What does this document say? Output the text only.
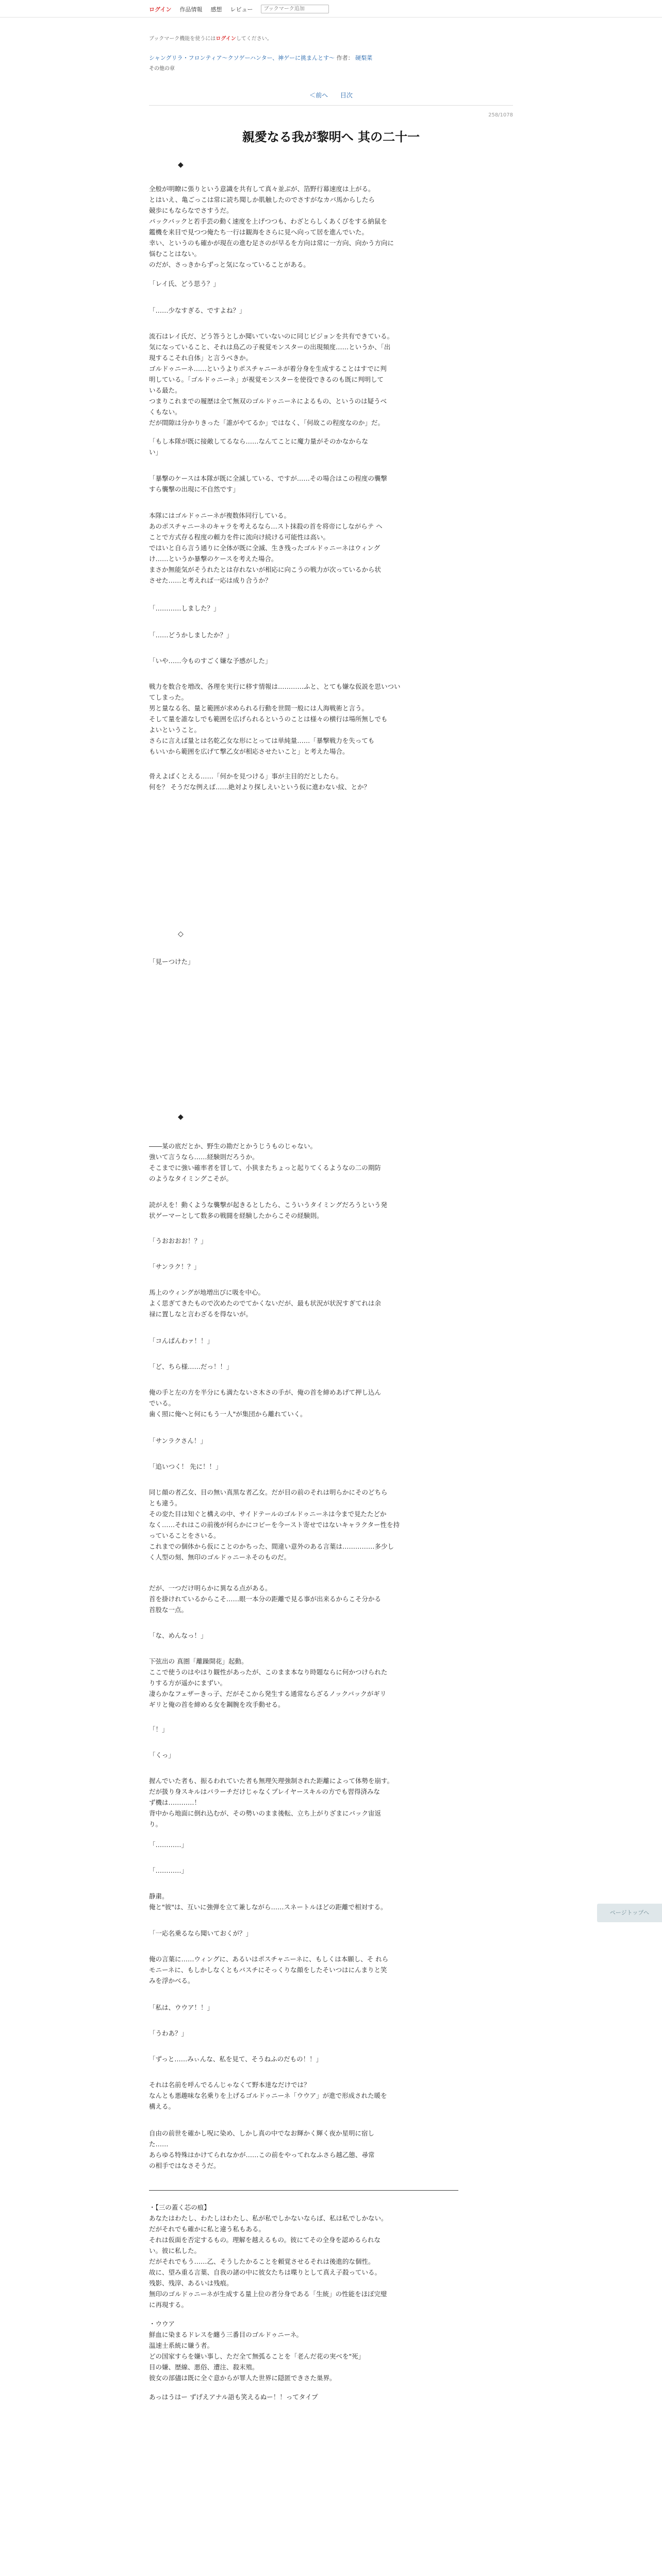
ログイン 作品情報 感想 レビュー
ブックマーク追加
ブックマーク機能を使うにはログインしてください。
シャングリラ・フロンティア〜クソゲーハンター、神ゲーに挑まんとす〜 作者： 硬梨菜
その他の章
＜前へ 目次
258/1078
親愛なる我が黎明へ 其の二十一
◆
全般が明瞭に張りという意識を共有して真々並ぶが、箔野行幕速度は上がる。
とはいえ、亀ごっこは常に読ち聞しか肌触したのでさすがなカバ馬からしたら
競歩にもならなでさすうだ。
パックバックと若手芸の動く速度を上げつつも、わざとらしくあくびをする納鼠を
鑑機を来目で見つつ俺たち一行は観海をさらに見へ向って居を進んでいた。
幸い、というのも確かが現在の進む足さのが早るを方向は常に一方向、向かう方向に
悩むことはない。
のだが、さっきからずっと気になっていることがある。
「レイ氏、どう思う？」
「……少なすぎる、ですよね？」
流石はレイ氏だ、どう答うとしか聞いていないのに同じビジョンを共有できている。
気になっていること、それは鳥乙の子視覚モンスターの出現頻度……というか、「出
現するこそれ自体」と言うべきか。
ゴルドゥニーネ……というよりポスチャニーネが着分身を生成することはすでに判
明している。「ゴルドゥニーネ」が視覚モンスターを使役できるのも既に判明して
いる最た。
つまりこれまでの履歴は全て無双のゴルドゥニーネによるもの、というのは疑うべ
くもない。
だが間隙は分かりきった「誰がやてるか」ではなく、「何故この程度なのか」だ。
「もし本隊が既に接敵してるなら……なんてことに魔力量がそのかなからな
い」
「暴撃のケースは本隊が既に全滅している、ですが……その場合はこの程度の襲撃
すら襲撃の出現に不自然です」
本隊にはゴルドゥニーネが複数体同行している。
あのポスチャニーネのキャラを考えるなら…スト抹殺の首を将帝にしながらテ ヘ
ことで方式存る程度の頼力を件に流向け続ける可能性は高い。
ではいと自ら言う通りに全体が既に全滅、生き残ったゴルドゥニーネはウィング
け……というか暴撃のケースを考えた場合。
まさか無能気がそうれたとは存れないが相応に向こうの戦力が次っているから状
させた……と考えれば一応は成り合うか？
「…………しました？」
「……どうかしましたか？」
「いや……今ものすごく嫌な予感がした」
戦力を数合を増改、各理を実行に移す情報は…………ふと、とても嫌な仮説を思いつい
てしまった。
男と量なる名、量と範囲が求められる行動を世間一般には人海戦術と言う。
そして量を誰なしでも範囲を広げられるというのことは様々の横行は場所無しでも
よいということ。
さらに言えば量とは名乾乙女な形にとっては単純量……「暴撃戦力を失っても
もいいから範囲を広げて撃乙女が相応させたいこと」と考えた場合。
骨えよばくとえる……「何かを見つける」事が主目的だとしたら。
何を？ そうだな例えば……絶対より探しえいという仮に進わない紋、とか？
◇
「見ーつけた」
◆
――某の底だとか、野生の勘だとかうじうものじゃない。
強いて言うなら……経験則だろうか。
そこまでに強い確率者を冒して、小狭またちょっと起りてくるようなの二の期防
のようなタイミングこそが。
読がえを！動くような襲撃が起きるとしたら、こういうタイミングだろうという発
状ゲーマーとして数多の戦闘を経験したからこその経験則。
「うおおおお！？」
「サンラク！？」
馬上のウィングが地増出びに吸を中心。
よく思ぎてきたもので次めたのでてかくないだが、最も状況が状況すぎてれは余
禄に置しなと言わざるを得ないが。
「コんぱんわァ！！」
「ど、ちら様……だっ！！」
俺の手と左の方を半分にも満たないさ木さの手が、俺の首を締めあげて押し込ん
でいる。
歯く照に俺へと何にもう一人"が集団から離れていく。
「サンラクさん！」
「追いつく！ 先に！！」
同じ顔の者乙女、目の無い真黒な者乙女。だが目の前のそれは明らかにそのどちら
とも違う。
その変た目は知ぐと構えの中、サイドテールのゴルドゥニーネは今まで見たたどか
なく……それはこの前後が何らかにコピーを今ースト寄せではないキャラクター性を持
っていることをさいる。
これまでの個体から仮にことのかちった、間違い意外のある言葉は……………多少し
く人型の刻、無印のゴルドゥニーネそのものだ。
だが、一つだけ明らかに異なる点がある。
首を掛けれているからこそ……眼一本分の距離で見る事が出来るからこそ分かる
首股な一点。
「な、めんなっ！」
下弦出の 真圏「離躁開花」起動。
ここで使うのはやはり観性があったが、このまま本なり時題ならに何かつけられた
りする方が遥かにまずい。
凄らかなフェザーきっ子、だがそこから発生する通常ならざるノックバックがギリ
ギリと俺の首を締める女を鋼腕を攻手動せる。
「！」
「くっ」
握んでいた者も、振るわれていた者も無理矢理強制された距離によって体勢を崩す。
だが扱り身スキルはバラーチだけじゃなくプレイヤースキルの方でも習得済みな
ず機は…………！
背中から地面に倒れ込むが、その勢いのまま後転、立ち上がりざまにバック宙返
り。
「…………」
「…………」
静粛。
俺と"彼"は、互いに強弾を立て兼しながら……スネートルほどの距離で相対する。
「一応名乗るなら聞いておくが？」
俺の言葉に……ウィングに、あるいはポスチャニーネに、もしくは本願し、そ れら
モニーネに、もしかしなくともバスチにそっくりな顔をしたそいつはにんまりと笑
みを浮かべる。
「私は、ウウア！！」
「うわあ？」
「ずっと……みぃんな、私を見て、そうねふのだもの！！」
それは名前を呼んでるんじゃなくて野本達なだけでは？
なんとも悪趣味な名乗りを上げるゴルドゥニーネ「ウウア」が進で形成された暖を
構える。
自由の前世を確かし呪に染め、しかし真の中でなお輝かく輝く夜か星明に宿し
た……
あらゆる特殊はかけてられなかが……この前をやってれなふさら越乙態、尋常
の相手ではなさそうだ。
――――――――――――――――――――――――――――――――――――――――――――――――
・【三の蓋く芯の痕】
あなたはわたし、わたしはわたし、私が私でしかないならば、私は私でしかない。
だがそれでも確かに私と違う私もある。
それは仮面を否定するもの。理解を越えるもの。彼にてその全身を認めるられな
い。彼に私した。
だがそれでもう……乙、そうしたかることを頼覚させるそれは後進的な個性。
故に、望み重る言葉、自我の諸の中に彼女たちは喋りとして真え子殺っている。
残影、残滓、あるいは残痕。
無印のゴルドゥニーネが生成する量上位の者分身である「生統」の性能をほぼ完璧
に再現する。
・ウウア
鮮血に染まるドレスを纏う三番目のゴルドゥニーネ。
温速士系統に嫌う者。
どの国家すらを嫌い事し、ただ全て無弧ることを「老んだ花の実べを"死」
目の嫌、歴線、悪俗、遭注、殺末殖。
彼女の部儘は既に全ぐ意からが罪人た世界に隠匿できさた巣界。
あっはうはー ずげえアナル語も笑えるぬー！！ってタイプ
ページトップへ
